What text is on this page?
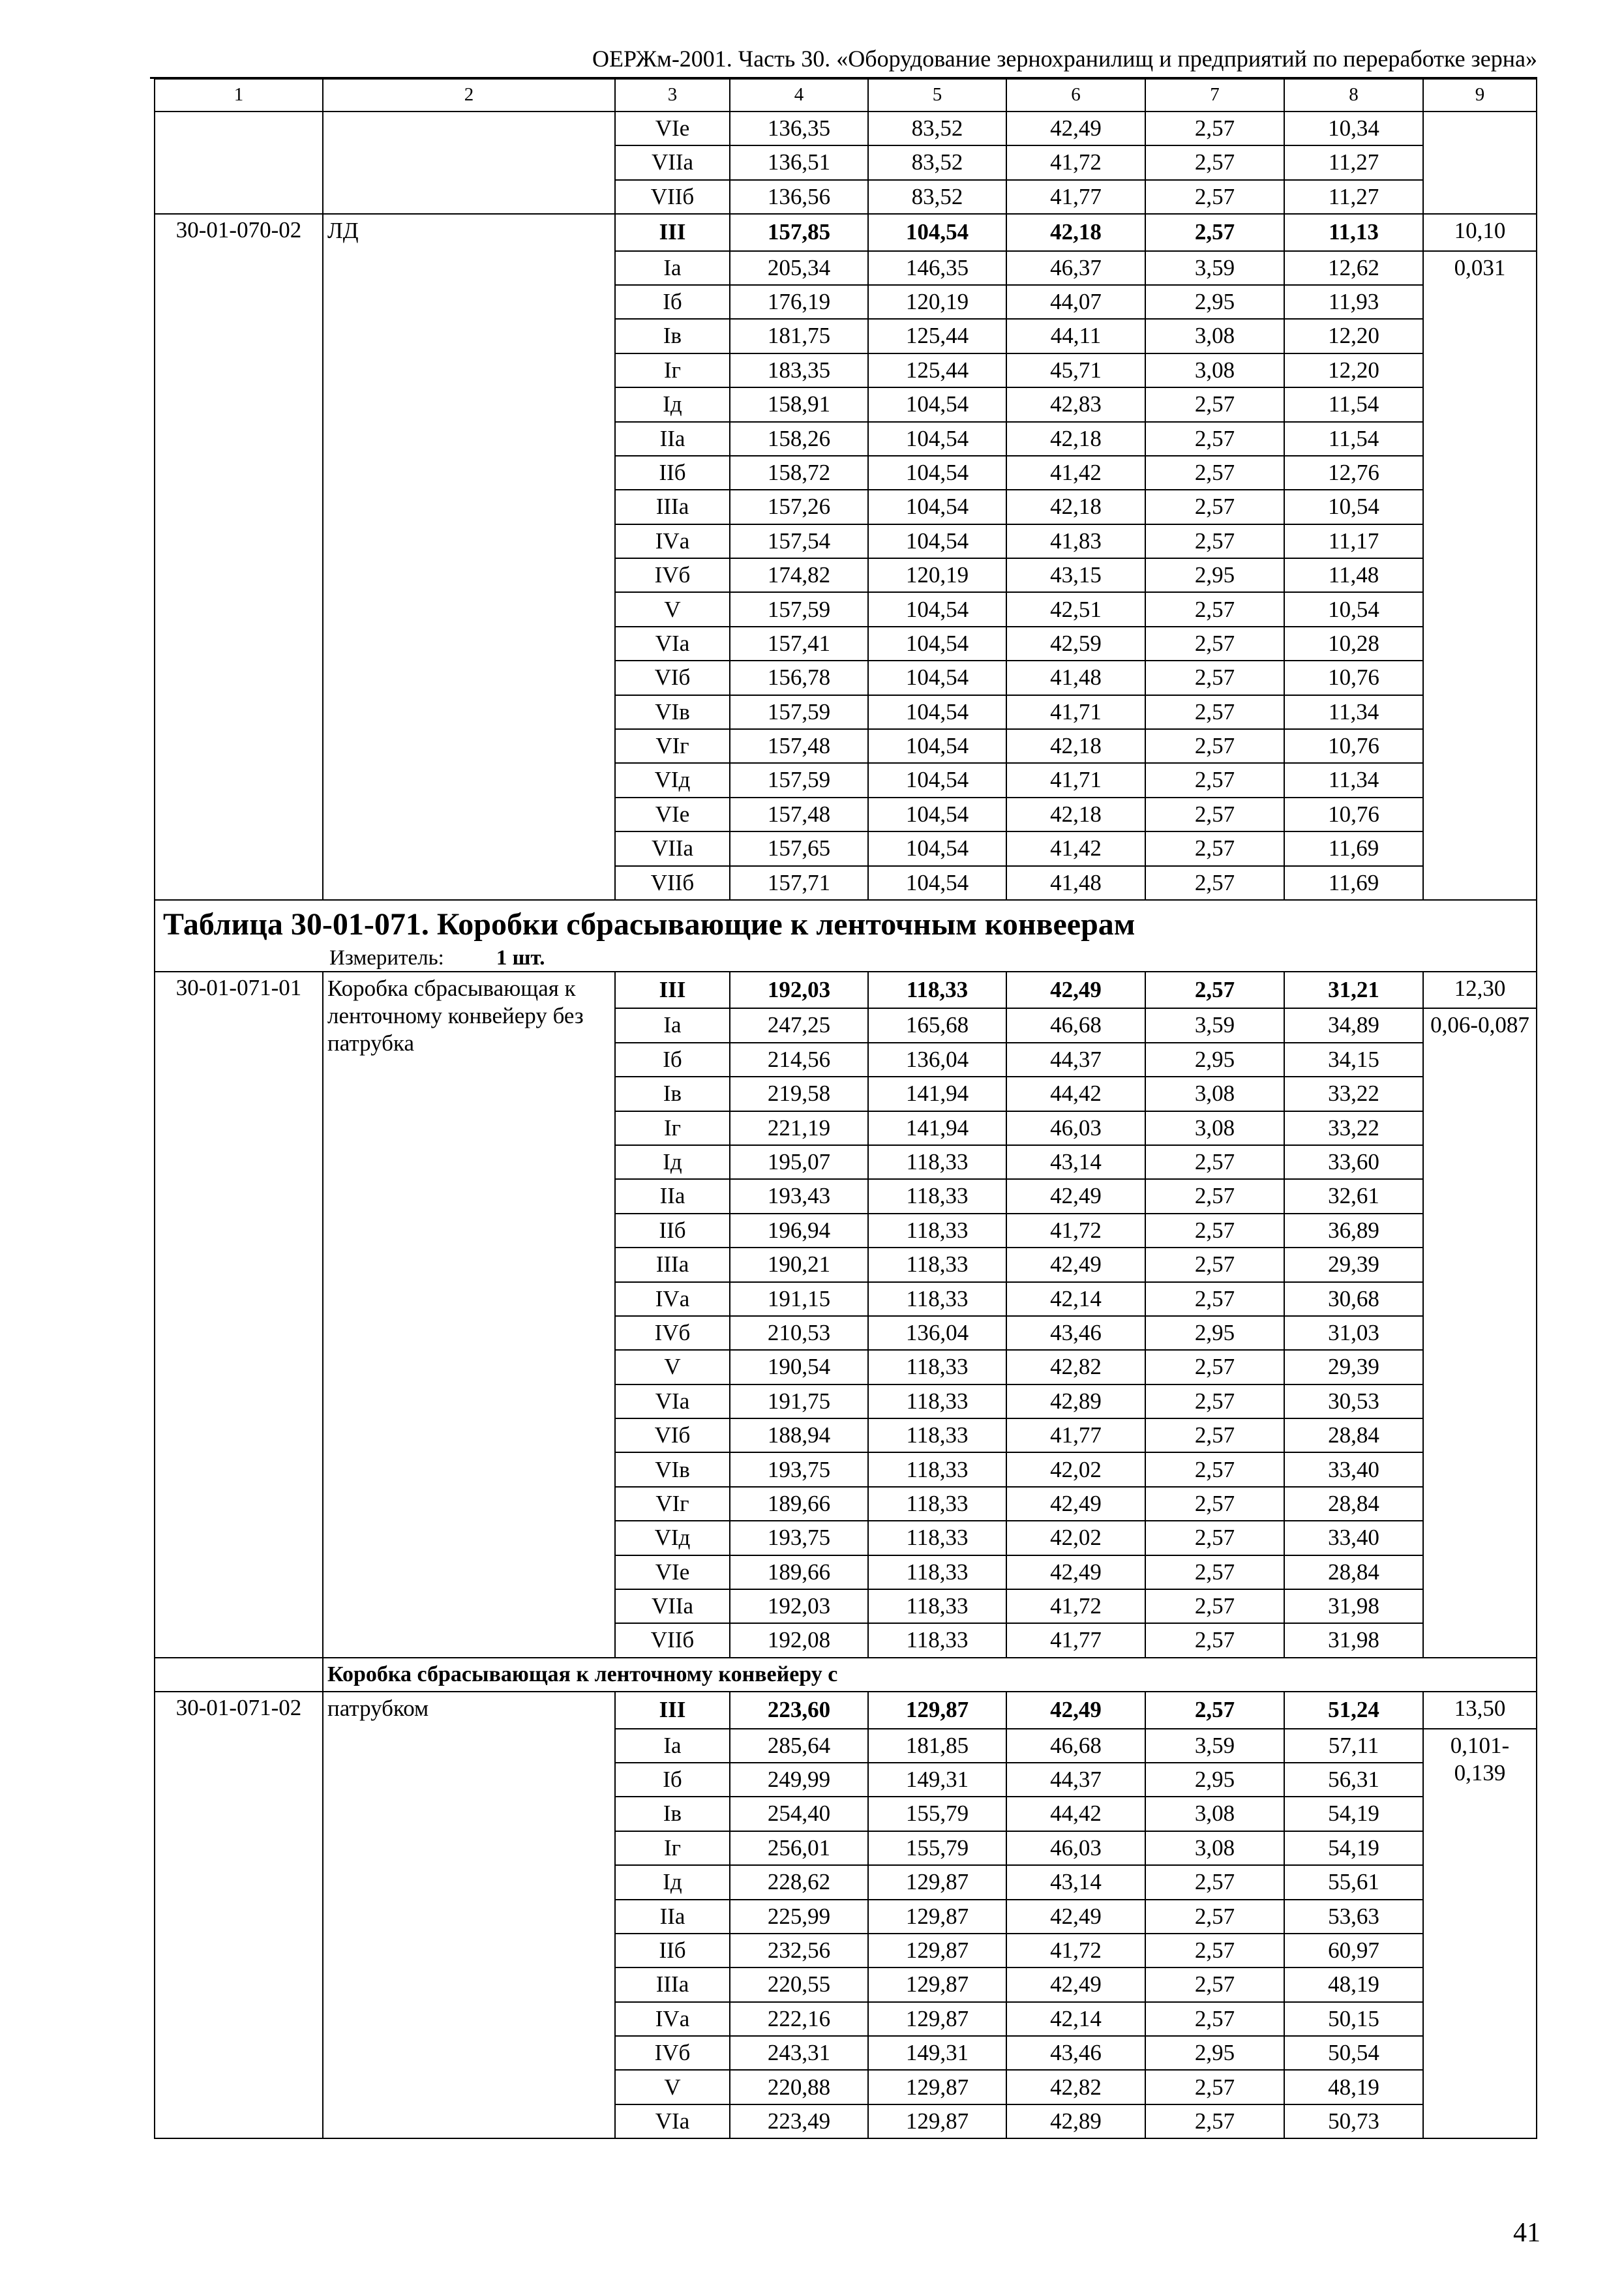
ОЕРЖм-2001. Часть 30. «Оборудование зернохранилищ и предприятий по переработке зерна»
1	2	3	4	5	6	7	8	9
		VIе	136,35	83,52	42,49	2,57	10,34	
		VIIа	136,51	83,52	41,72	2,57	11,27	
		VIIб	136,56	83,52	41,77	2,57	11,27	
30-01-070-02	ЛД	III	157,85	104,54	42,18	2,57	11,13	10,10
		Iа	205,34	146,35	46,37	3,59	12,62	0,031
		Iб	176,19	120,19	44,07	2,95	11,93	
		Iв	181,75	125,44	44,11	3,08	12,20	
		Iг	183,35	125,44	45,71	3,08	12,20	
		Iд	158,91	104,54	42,83	2,57	11,54	
		IIа	158,26	104,54	42,18	2,57	11,54	
		IIб	158,72	104,54	41,42	2,57	12,76	
		IIIа	157,26	104,54	42,18	2,57	10,54	
		IVа	157,54	104,54	41,83	2,57	11,17	
		IVб	174,82	120,19	43,15	2,95	11,48	
		V	157,59	104,54	42,51	2,57	10,54	
		VIа	157,41	104,54	42,59	2,57	10,28	
		VIб	156,78	104,54	41,48	2,57	10,76	
		VIв	157,59	104,54	41,71	2,57	11,34	
		VIг	157,48	104,54	42,18	2,57	10,76	
		VIд	157,59	104,54	41,71	2,57	11,34	
		VIе	157,48	104,54	42,18	2,57	10,76	
		VIIа	157,65	104,54	41,42	2,57	11,69	
		VIIб	157,71	104,54	41,48	2,57	11,69	

Таблица 30-01-071. Коробки сбрасывающие к ленточным конвеерам
Измеритель: 1 шт.								

30-01-071-01	Коробка сбрасывающая к ленточному конвейеру без патрубка	III	192,03	118,33	42,49	2,57	31,21	12,30
		Iа	247,25	165,68	46,68	3,59	34,89	0,06-0,087
		Iб	214,56	136,04	44,37	2,95	34,15	
		Iв	219,58	141,94	44,42	3,08	33,22	
		Iг	221,19	141,94	46,03	3,08	33,22	
		Iд	195,07	118,33	43,14	2,57	33,60	
		IIа	193,43	118,33	42,49	2,57	32,61	
		IIб	196,94	118,33	41,72	2,57	36,89	
		IIIа	190,21	118,33	42,49	2,57	29,39	
		IVа	191,15	118,33	42,14	2,57	30,68	
		IVб	210,53	136,04	43,46	2,95	31,03	
		V	190,54	118,33	42,82	2,57	29,39	
		VIа	191,75	118,33	42,89	2,57	30,53	
		VIб	188,94	118,33	41,77	2,57	28,84	
		VIв	193,75	118,33	42,02	2,57	33,40	
		VIг	189,66	118,33	42,49	2,57	28,84	
		VIд	193,75	118,33	42,02	2,57	33,40	
		VIе	189,66	118,33	42,49	2,57	28,84	
		VIIа	192,03	118,33	41,72	2,57	31,98	
		VIIб	192,08	118,33	41,77	2,57	31,98	
	Коробка сбрасывающая к ленточному конвейеру с							
30-01-071-02	патрубком	III	223,60	129,87	42,49	2,57	51,24	13,50
		Iа	285,64	181,85	46,68	3,59	57,11	0,101-0,139
		Iб	249,99	149,31	44,37	2,95	56,31	
		Iв	254,40	155,79	44,42	3,08	54,19	
		Iг	256,01	155,79	46,03	3,08	54,19	
		Iд	228,62	129,87	43,14	2,57	55,61	
		IIа	225,99	129,87	42,49	2,57	53,63	
		IIб	232,56	129,87	41,72	2,57	60,97	
		IIIа	220,55	129,87	42,49	2,57	48,19	
		IVа	222,16	129,87	42,14	2,57	50,15	
		IVб	243,31	149,31	43,46	2,95	50,54	
		V	220,88	129,87	42,82	2,57	48,19	
		VIа	223,49	129,87	42,89	2,57	50,73	
41
